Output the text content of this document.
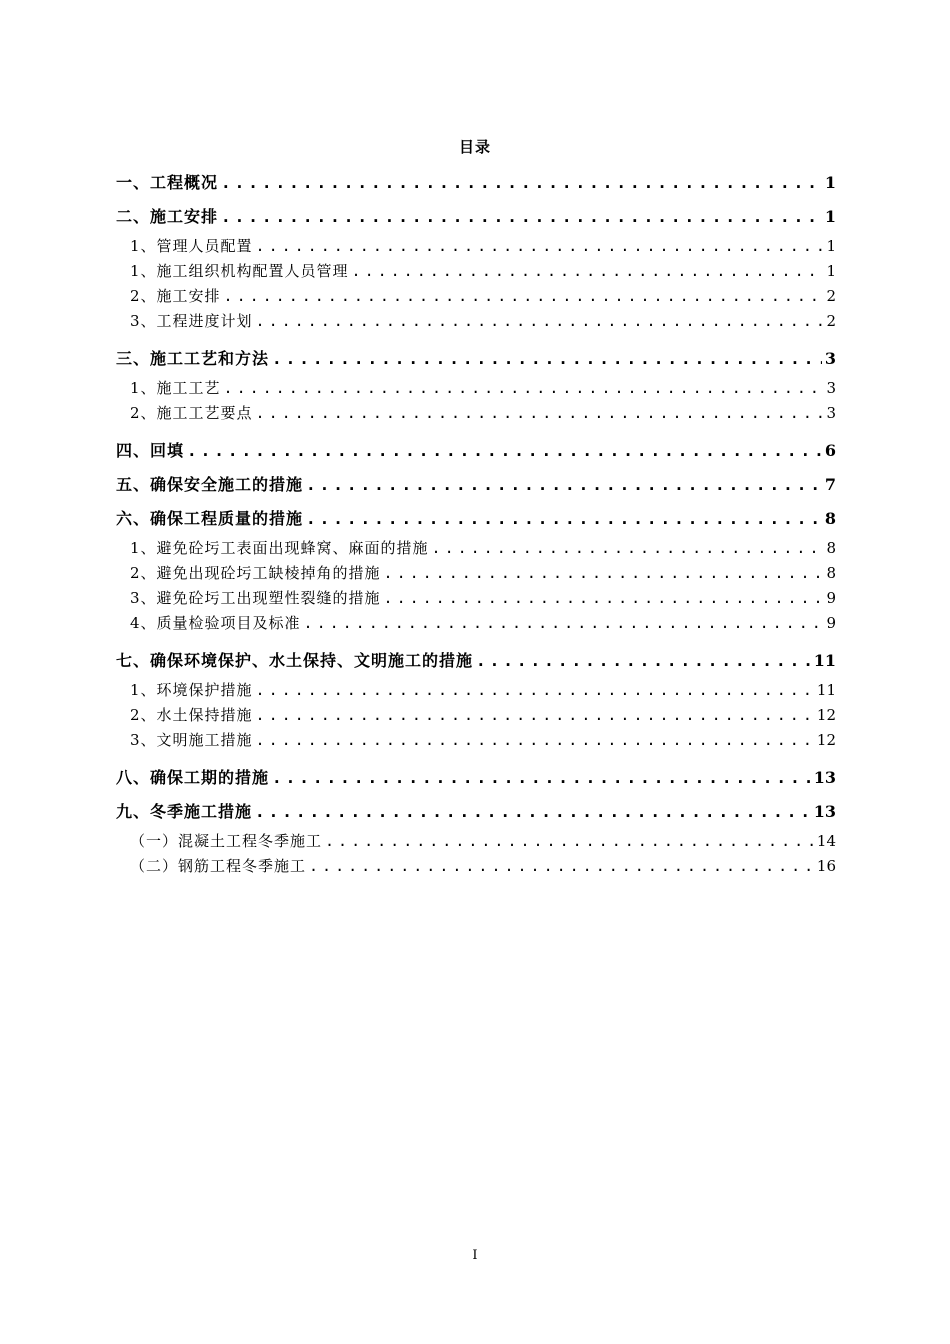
目录
一、工程概况 .....	1
二、施工安排 .....	1
1、管理人员配置 .....	1
1、施工组织机构配置人员管理 .....	1
2、施工安排 .....	2
3、工程进度计划 .....	2
三、施工工艺和方法 .....	3
1、施工工艺 .....	3
2、施工工艺要点 .....	3
四、回填 .....	6
五、确保安全施工的措施 .....	7
六、确保工程质量的措施 .....	8
1、避免砼圬工表面出现蜂窝、麻面的措施 .....	8
2、避免出现砼圬工缺棱掉角的措施 .....	8
3、避免砼圬工出现塑性裂缝的措施 .....	9
4、质量检验项目及标准 .....	9
七、确保环境保护、水土保持、文明施工的措施 .....	11
1、环境保护措施 .....	11
2、水土保持措施 .....	12
3、文明施工措施 .....	12
八、确保工期的措施 .....	13
九、冬季施工措施 .....	13
（一）混凝土工程冬季施工 .....	14
（二）钢筋工程冬季施工 .....	16
I
